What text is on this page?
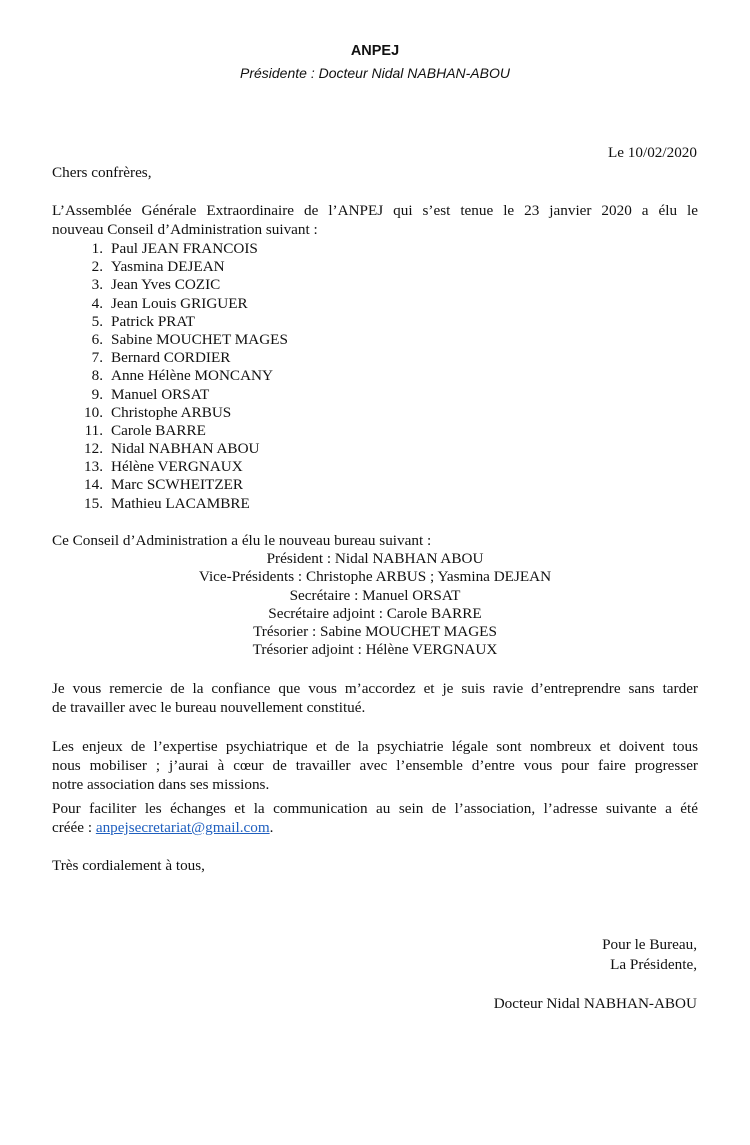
ANPEJ
Présidente : Docteur Nidal NABHAN-ABOU
Le 10/02/2020
Chers confrères,
L’Assemblée Générale Extraordinaire de l’ANPEJ qui s’est tenue le 23 janvier 2020 a élu le
nouveau Conseil d’Administration suivant :
1. Paul JEAN FRANCOIS
2. Yasmina DEJEAN
3. Jean Yves COZIC
4. Jean Louis GRIGUER
5. Patrick PRAT
6. Sabine MOUCHET MAGES
7. Bernard CORDIER
8. Anne Hélène MONCANY
9. Manuel ORSAT
10. Christophe ARBUS
11. Carole BARRE
12. Nidal NABHAN ABOU
13. Hélène VERGNAUX
14. Marc SCWHEITZER
15. Mathieu LACAMBRE
Ce Conseil d’Administration a élu le nouveau bureau suivant :
Président : Nidal NABHAN ABOU
Vice-Présidents : Christophe ARBUS ; Yasmina DEJEAN
Secrétaire : Manuel ORSAT
Secrétaire adjoint : Carole BARRE
Trésorier : Sabine MOUCHET MAGES
Trésorier adjoint : Hélène VERGNAUX
Je vous remercie de la confiance que vous m’accordez et je suis ravie d’entreprendre sans tarder
de travailler avec le bureau nouvellement constitué.
Les enjeux de l’expertise psychiatrique et de la psychiatrie légale sont nombreux et doivent tous
nous mobiliser ; j’aurai à cœur de travailler avec l’ensemble d’entre vous pour faire progresser
notre association dans ses missions.
Pour faciliter les échanges et la communication au sein de l’association, l’adresse suivante a été
créée : anpejsecretariat@gmail.com.
Très cordialement à tous,
Pour le Bureau,
La Présidente,
Docteur Nidal NABHAN-ABOU
